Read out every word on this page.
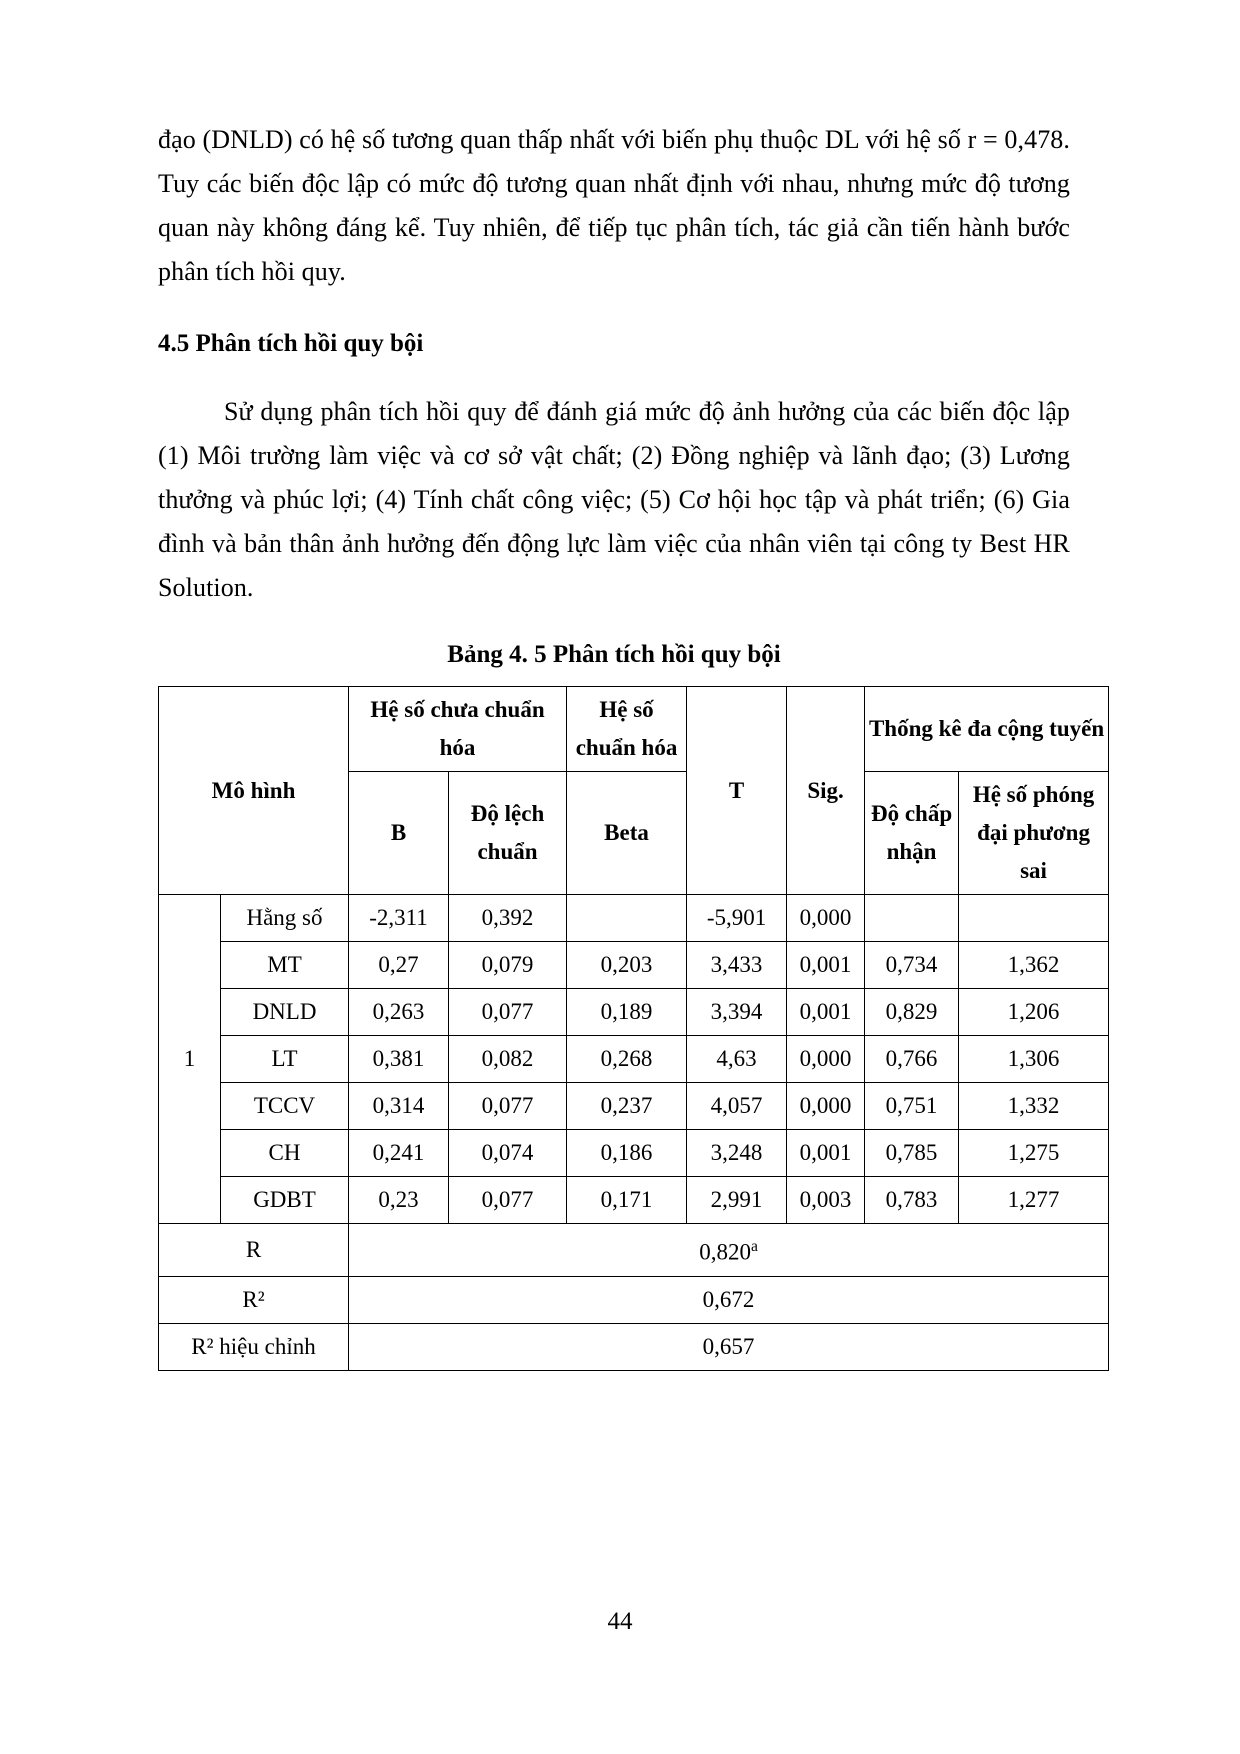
đạo (DNLD) có hệ số tương quan thấp nhất với biến phụ thuộc DL với hệ số r = 0,478. Tuy các biến độc lập có mức độ tương quan nhất định với nhau, nhưng mức độ tương quan này không đáng kể. Tuy nhiên, để tiếp tục phân tích, tác giả cần tiến hành bước phân tích hồi quy.

4.5 Phân tích hồi quy bội

Sử dụng phân tích hồi quy để đánh giá mức độ ảnh hưởng của các biến độc lập (1) Môi trường làm việc và cơ sở vật chất; (2) Đồng nghiệp và lãnh đạo; (3) Lương thưởng và phúc lợi; (4) Tính chất công việc; (5) Cơ hội học tập và phát triển; (6) Gia đình và bản thân ảnh hưởng đến động lực làm việc của nhân viên tại công ty Best HR Solution.

Bảng 4. 5 Phân tích hồi quy bội
Mô hình		Hệ số chưa chuẩn hóa		Hệ số chuẩn hóa	T	Sig.	Thống kê đa cộng tuyến	
		B	Độ lệch chuẩn	Beta			Độ chấp nhận	Hệ số phóng đại phương sai
1	Hằng số	-2,311	0,392		-5,901	0,000		
	MT	0,27	0,079	0,203	3,433	0,001	0,734	1,362
	DNLD	0,263	0,077	0,189	3,394	0,001	0,829	1,206
	LT	0,381	0,082	0,268	4,63	0,000	0,766	1,306
	TCCV	0,314	0,077	0,237	4,057	0,000	0,751	1,332
	CH	0,241	0,074	0,186	3,248	0,001	0,785	1,275
	GDBT	0,23	0,077	0,171	2,991	0,003	0,783	1,277
R		0,820$^a$
R²		0,672						
R² hiệu chỉnh		0,657						
44
